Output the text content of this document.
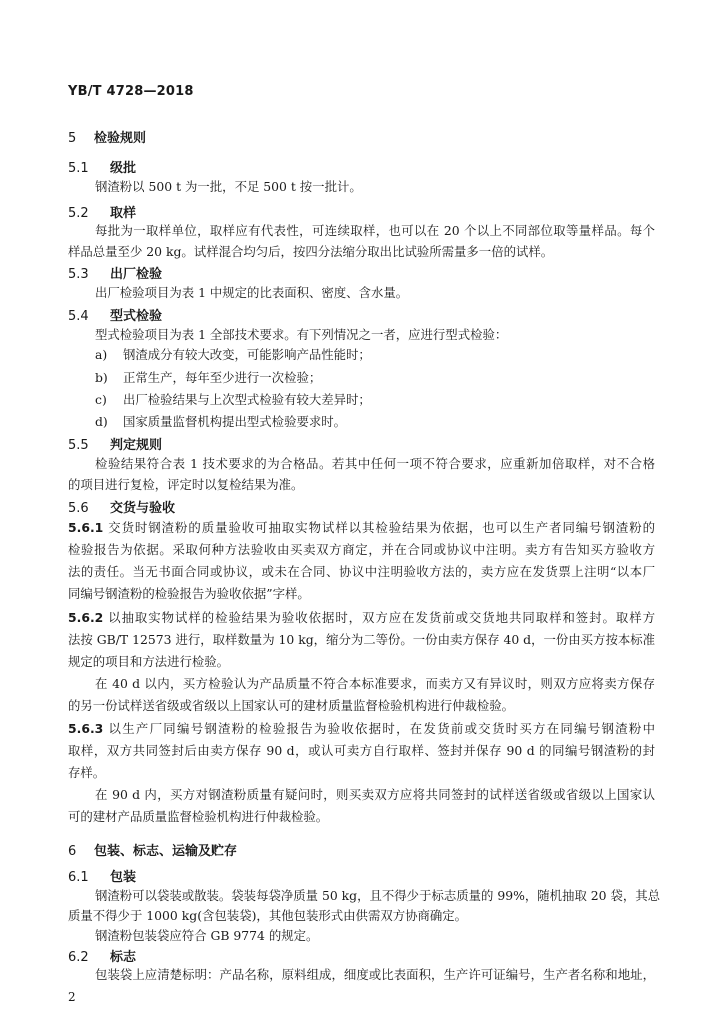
YB/T 4728—2018
5 检验规则
5.1 级批
钢渣粉以 500 t 为一批，不足 500 t 按一批计。
5.2 取样
每批为一取样单位，取样应有代表性，可连续取样，也可以在 20 个以上不同部位取等量样品。每个
样品总量至少 20 kg。试样混合均匀后，按四分法缩分取出比试验所需量多一倍的试样。
5.3 出厂检验
出厂检验项目为表 1 中规定的比表面积、密度、含水量。
5.4 型式检验
型式检验项目为表 1 全部技术要求。有下列情况之一者，应进行型式检验：
a) 钢渣成分有较大改变，可能影响产品性能时；
b) 正常生产，每年至少进行一次检验；
c) 出厂检验结果与上次型式检验有较大差异时；
d) 国家质量监督机构提出型式检验要求时。
5.5 判定规则
检验结果符合表 1 技术要求的为合格品。若其中任何一项不符合要求，应重新加倍取样，对不合格
的项目进行复检，评定时以复检结果为准。
5.6 交货与验收
5.6.1 交货时钢渣粉的质量验收可抽取实物试样以其检验结果为依据，也可以生产者同编号钢渣粉的
检验报告为依据。采取何种方法验收由买卖双方商定，并在合同或协议中注明。卖方有告知买方验收方
法的责任。当无书面合同或协议，或未在合同、协议中注明验收方法的，卖方应在发货票上注明“以本厂
同编号钢渣粉的检验报告为验收依据”字样。
5.6.2 以抽取实物试样的检验结果为验收依据时，双方应在发货前或交货地共同取样和签封。取样方
法按 GB/T 12573 进行，取样数量为 10 kg，缩分为二等份。一份由卖方保存 40 d，一份由买方按本标准
规定的项目和方法进行检验。
在 40 d 以内，买方检验认为产品质量不符合本标准要求，而卖方又有异议时，则双方应将卖方保存
的另一份试样送省级或省级以上国家认可的建材质量监督检验机构进行仲裁检验。
5.6.3 以生产厂同编号钢渣粉的检验报告为验收依据时，在发货前或交货时买方在同编号钢渣粉中
取样，双方共同签封后由卖方保存 90 d，或认可卖方自行取样、签封并保存 90 d 的同编号钢渣粉的封
存样。
在 90 d 内，买方对钢渣粉质量有疑问时，则买卖双方应将共同签封的试样送省级或省级以上国家认
可的建材产品质量监督检验机构进行仲裁检验。
6 包装、标志、运输及贮存
6.1 包装
钢渣粉可以袋装或散装。袋装每袋净质量 50 kg，且不得少于标志质量的 99%，随机抽取 20 袋，其总
质量不得少于 1000 kg(含包装袋)，其他包装形式由供需双方协商确定。
钢渣粉包装袋应符合 GB 9774 的规定。
6.2 标志
包装袋上应清楚标明：产品名称，原料组成，细度或比表面积，生产许可证编号，生产者名称和地址，
2
